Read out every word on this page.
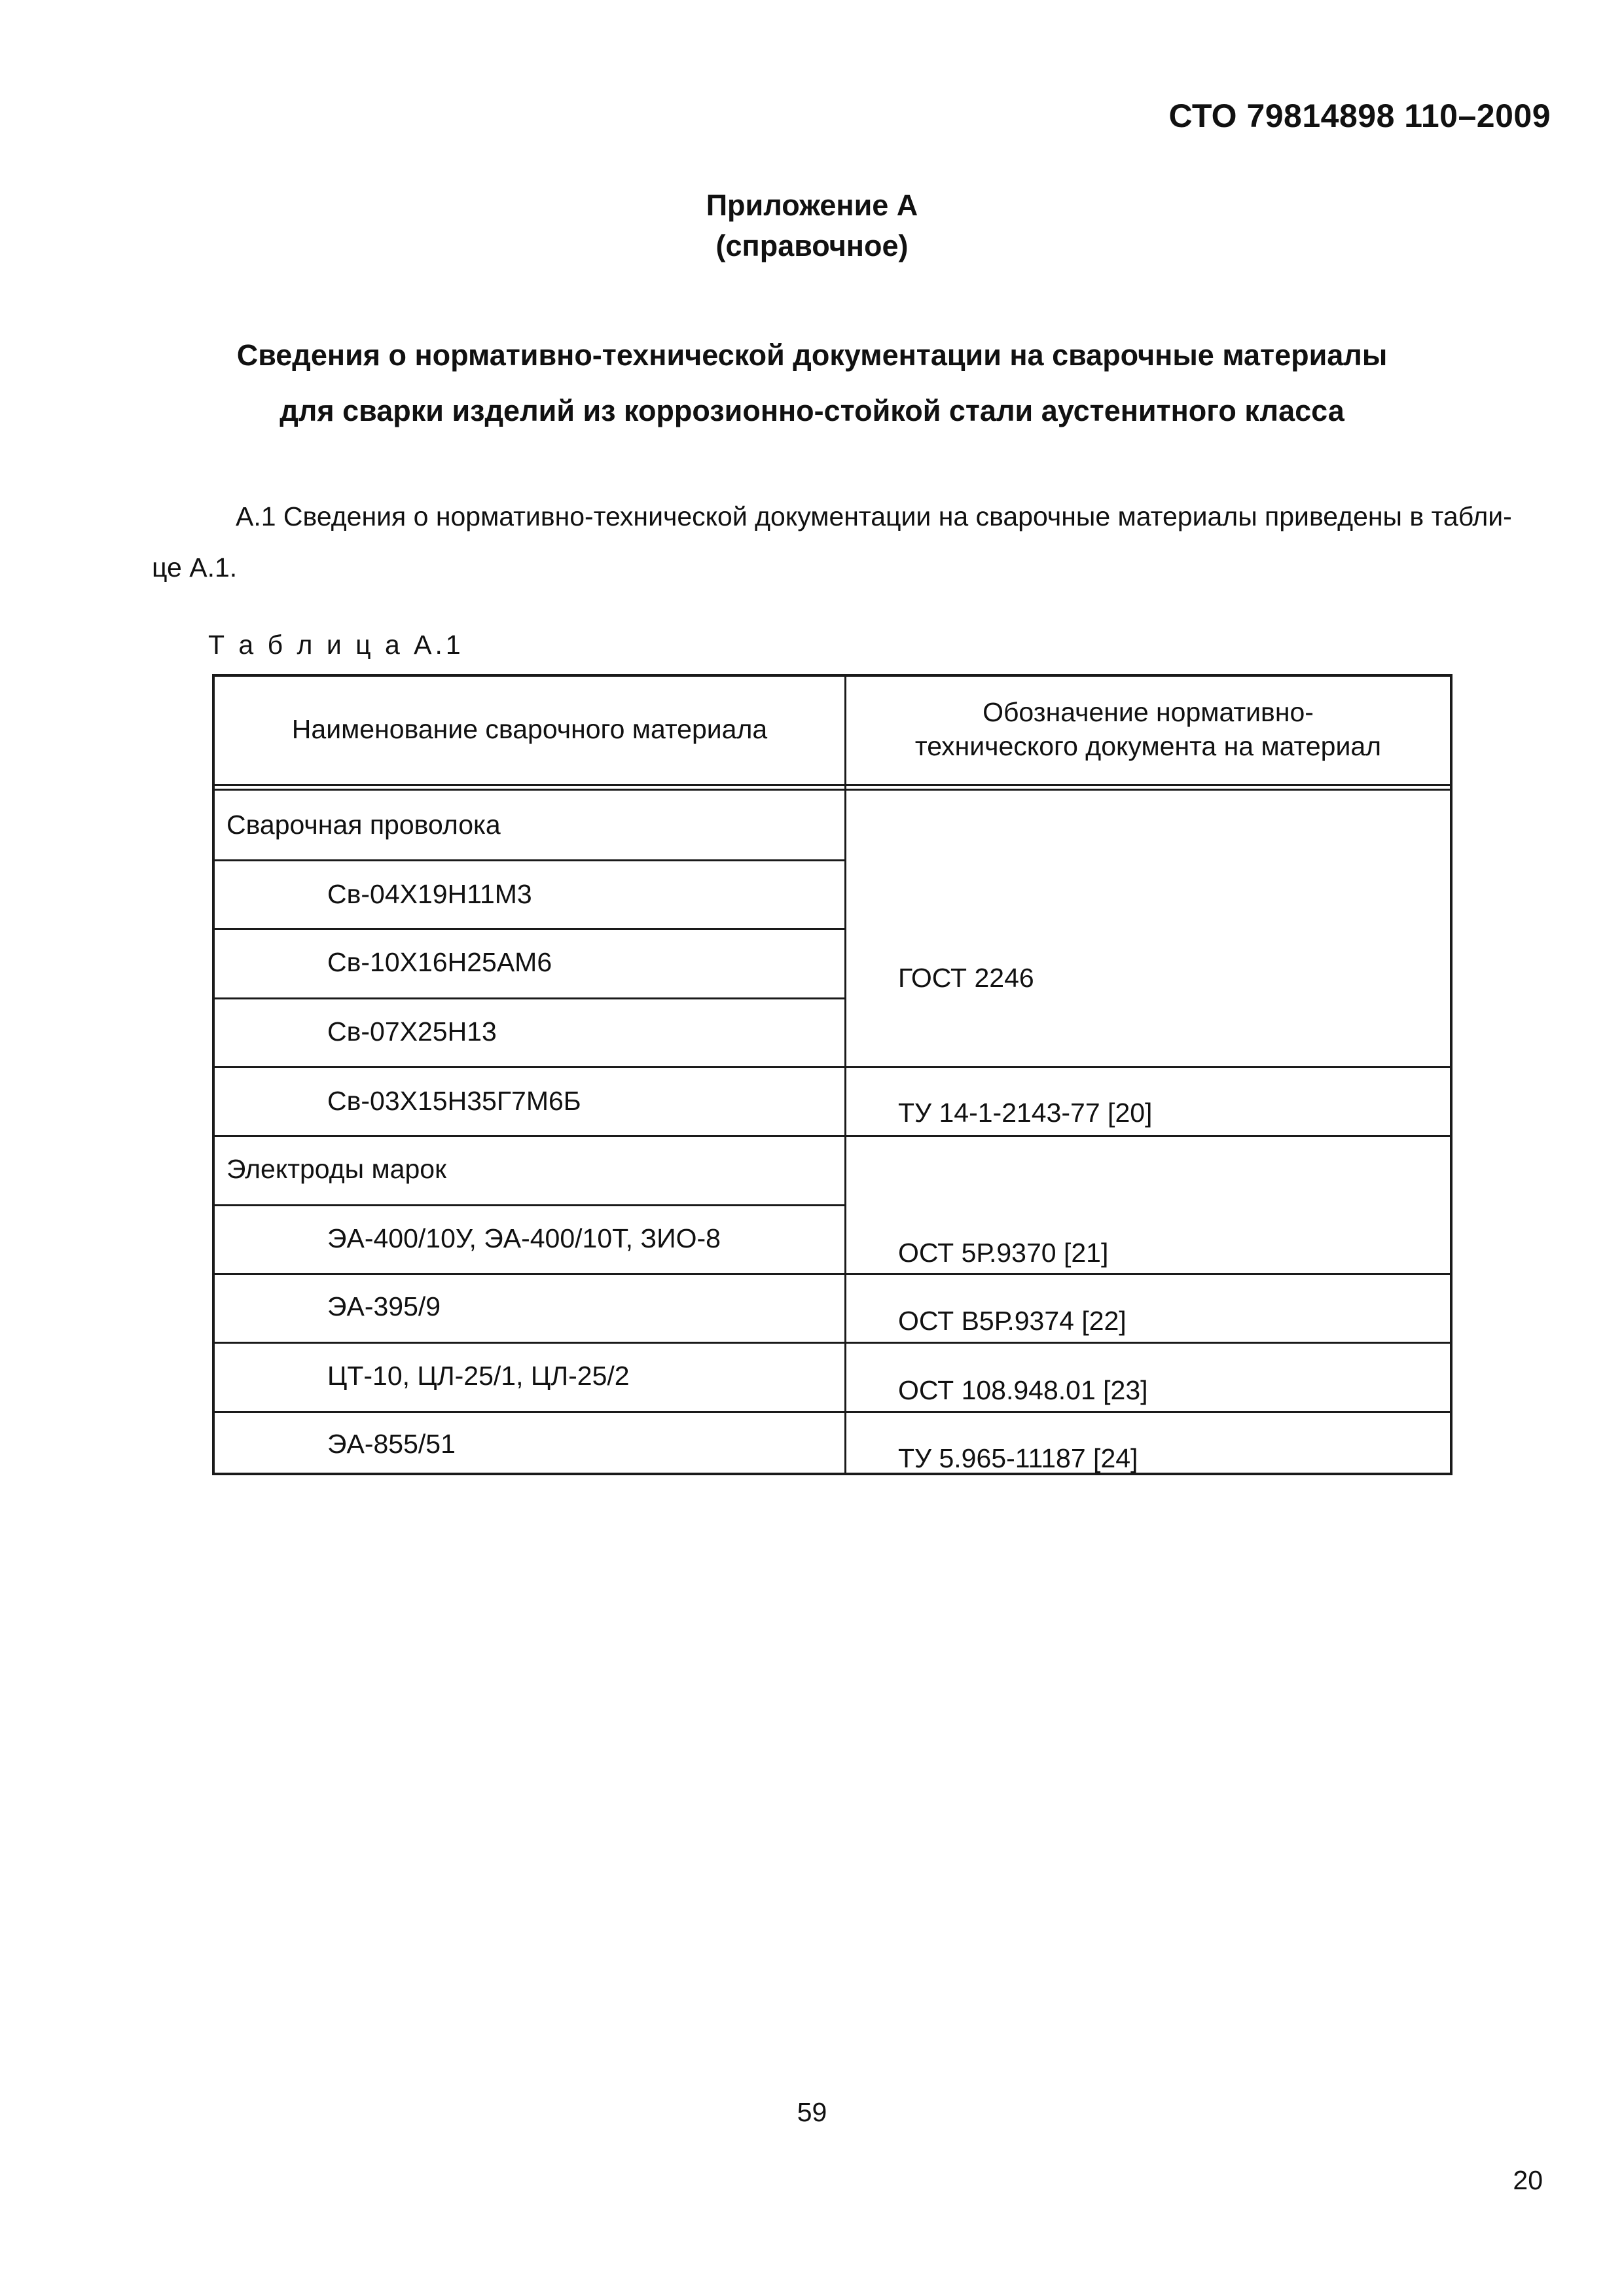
СТО 79814898 110–2009
Приложение А
(справочное)
Сведения о нормативно-технической документации на сварочные материалы
для сварки изделий из коррозионно-стойкой стали аустенитного класса
А.1 Сведения о нормативно-технической документации на сварочные материалы приведены в табли-
це А.1.
Т а б л и ц а А.1
Наименование сварочного материала
Обозначение нормативно-
технического документа на материал
Сварочная проволока
Св-04Х19Н11М3
Св-10Х16Н25АМ6
Св-07Х25Н13
Св-03Х15Н35Г7М6Б
Электроды марок
ЭА-400/10У, ЭА-400/10Т, ЗИО-8
ЭА-395/9
ЦТ-10, ЦЛ-25/1, ЦЛ-25/2
ЭА-855/51
ГОСТ 2246
ТУ 14-1-2143-77 [20]
ОСТ 5Р.9370 [21]
ОСТ В5Р.9374 [22]
ОСТ 108.948.01 [23]
ТУ 5.965-11187 [24]
59
20
